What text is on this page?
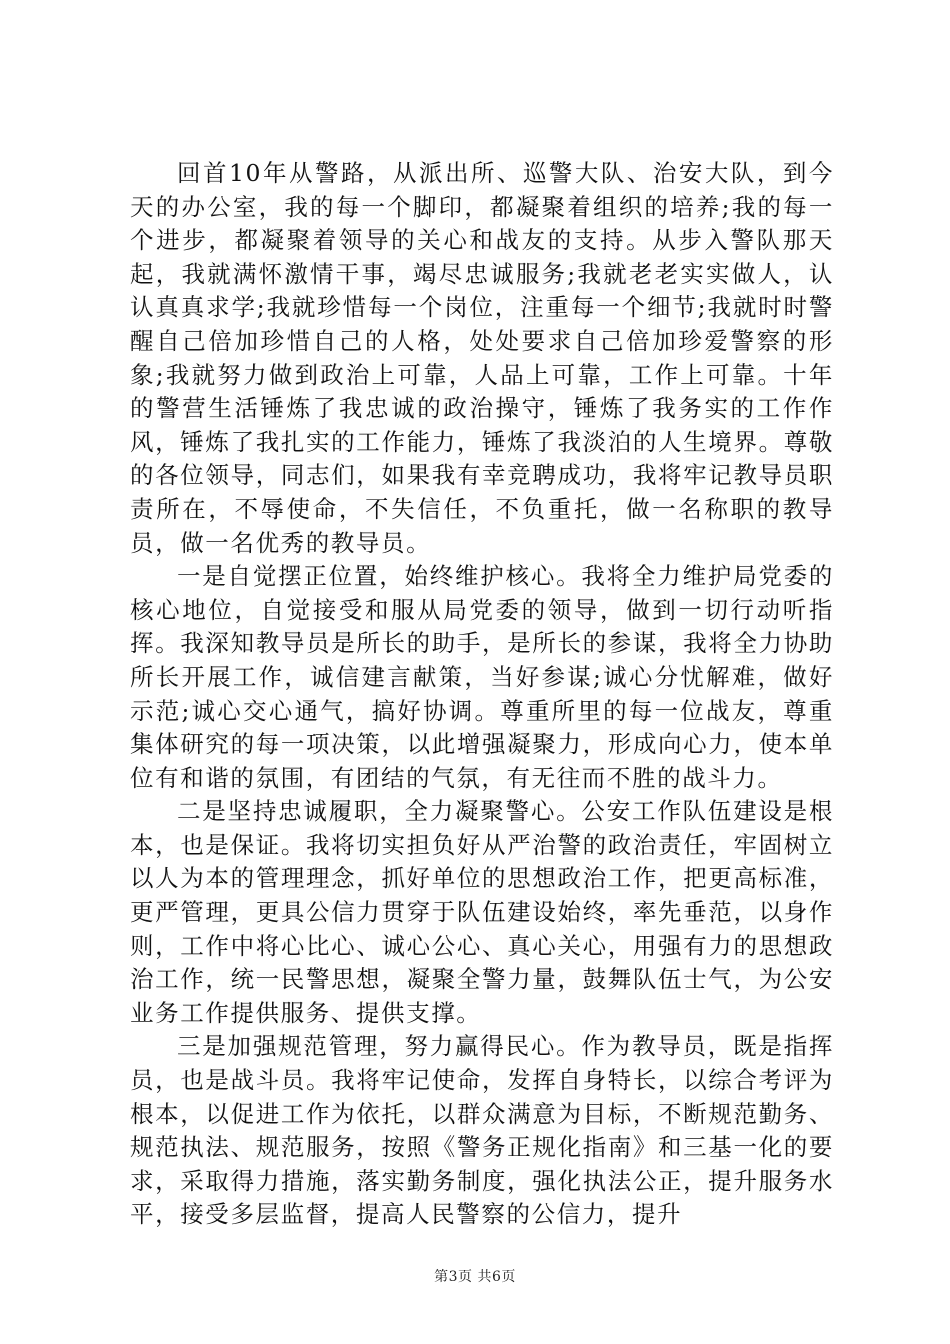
回首10年从警路，从派出所、巡警大队、治安大队，到今天的办公室，我的每一个脚印，都凝聚着组织的培养;我的每一个进步，都凝聚着领导的关心和战友的支持。从步入警队那天起，我就满怀激情干事，竭尽忠诚服务;我就老老实实做人，认认真真求学;我就珍惜每一个岗位，注重每一个细节;我就时时警醒自己倍加珍惜自己的人格，处处要求自己倍加珍爱警察的形象;我就努力做到政治上可靠，人品上可靠，工作上可靠。十年的警营生活锤炼了我忠诚的政治操守，锤炼了我务实的工作作风，锤炼了我扎实的工作能力，锤炼了我淡泊的人生境界。尊敬的各位领导，同志们，如果我有幸竞聘成功，我将牢记教导员职责所在，不辱使命，不失信任，不负重托，做一名称职的教导员，做一名优秀的教导员。

一是自觉摆正位置，始终维护核心。我将全力维护局党委的核心地位，自觉接受和服从局党委的领导，做到一切行动听指挥。我深知教导员是所长的助手，是所长的参谋，我将全力协助所长开展工作，诚信建言献策，当好参谋;诚心分忧解难，做好示范;诚心交心通气，搞好协调。尊重所里的每一位战友，尊重集体研究的每一项决策，以此增强凝聚力，形成向心力，使本单位有和谐的氛围，有团结的气氛，有无往而不胜的战斗力。

二是坚持忠诚履职，全力凝聚警心。公安工作队伍建设是根本，也是保证。我将切实担负好从严治警的政治责任，牢固树立以人为本的管理理念，抓好单位的思想政治工作，把更高标准，更严管理，更具公信力贯穿于队伍建设始终，率先垂范，以身作则，工作中将心比心、诚心公心、真心关心，用强有力的思想政治工作，统一民警思想，凝聚全警力量，鼓舞队伍士气，为公安业务工作提供服务、提供支撑。

三是加强规范管理，努力赢得民心。作为教导员，既是指挥员，也是战斗员。我将牢记使命，发挥自身特长，以综合考评为根本，以促进工作为依托，以群众满意为目标，不断规范勤务、规范执法、规范服务，按照《警务正规化指南》和三基一化的要求，采取得力措施，落实勤务制度，强化执法公正，提升服务水平，接受多层监督，提高人民警察的公信力，提升

第3页 共6页
